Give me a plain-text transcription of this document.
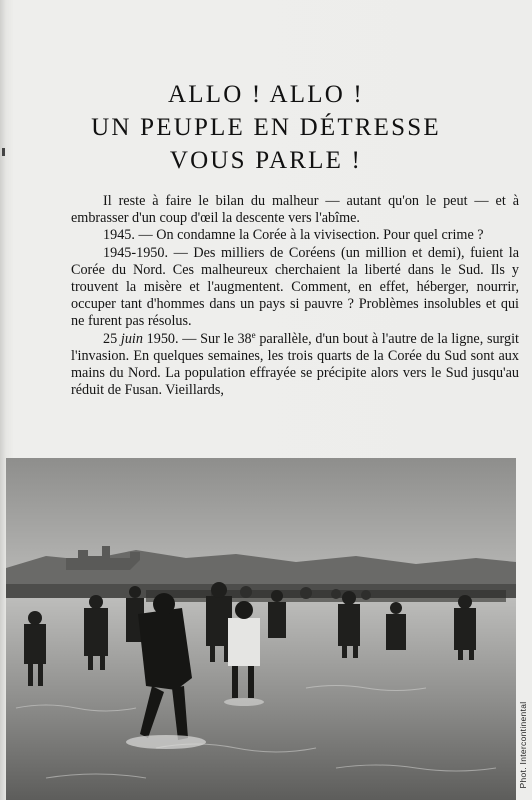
ALLO ! ALLO !
UN PEUPLE EN DÉTRESSE
VOUS PARLE !

Il reste à faire le bilan du malheur — autant qu'on le peut — et à embrasser d'un coup d'œil la descente vers l'abîme.

1945. — On condamne la Corée à la vivisection. Pour quel crime ?

1945-1950. — Des milliers de Coréens (un million et demi), fuient la Corée du Nord. Ces malheureux cherchaient la liberté dans le Sud. Ils y trouvent la misère et l'augmentent. Comment, en effet, héberger, nourrir, occuper tant d'hommes dans un pays si pauvre ? Problèmes insolubles et qui ne furent pas résolus.

25 juin 1950. — Sur le 38e parallèle, d'un bout à l'autre de la ligne, surgit l'invasion. En quelques semaines, les trois quarts de la Corée du Sud sont aux mains du Nord. La population effrayée se précipite alors vers le Sud jusqu'au réduit de Fusan. Vieillards,

Phot. Intercontinental
